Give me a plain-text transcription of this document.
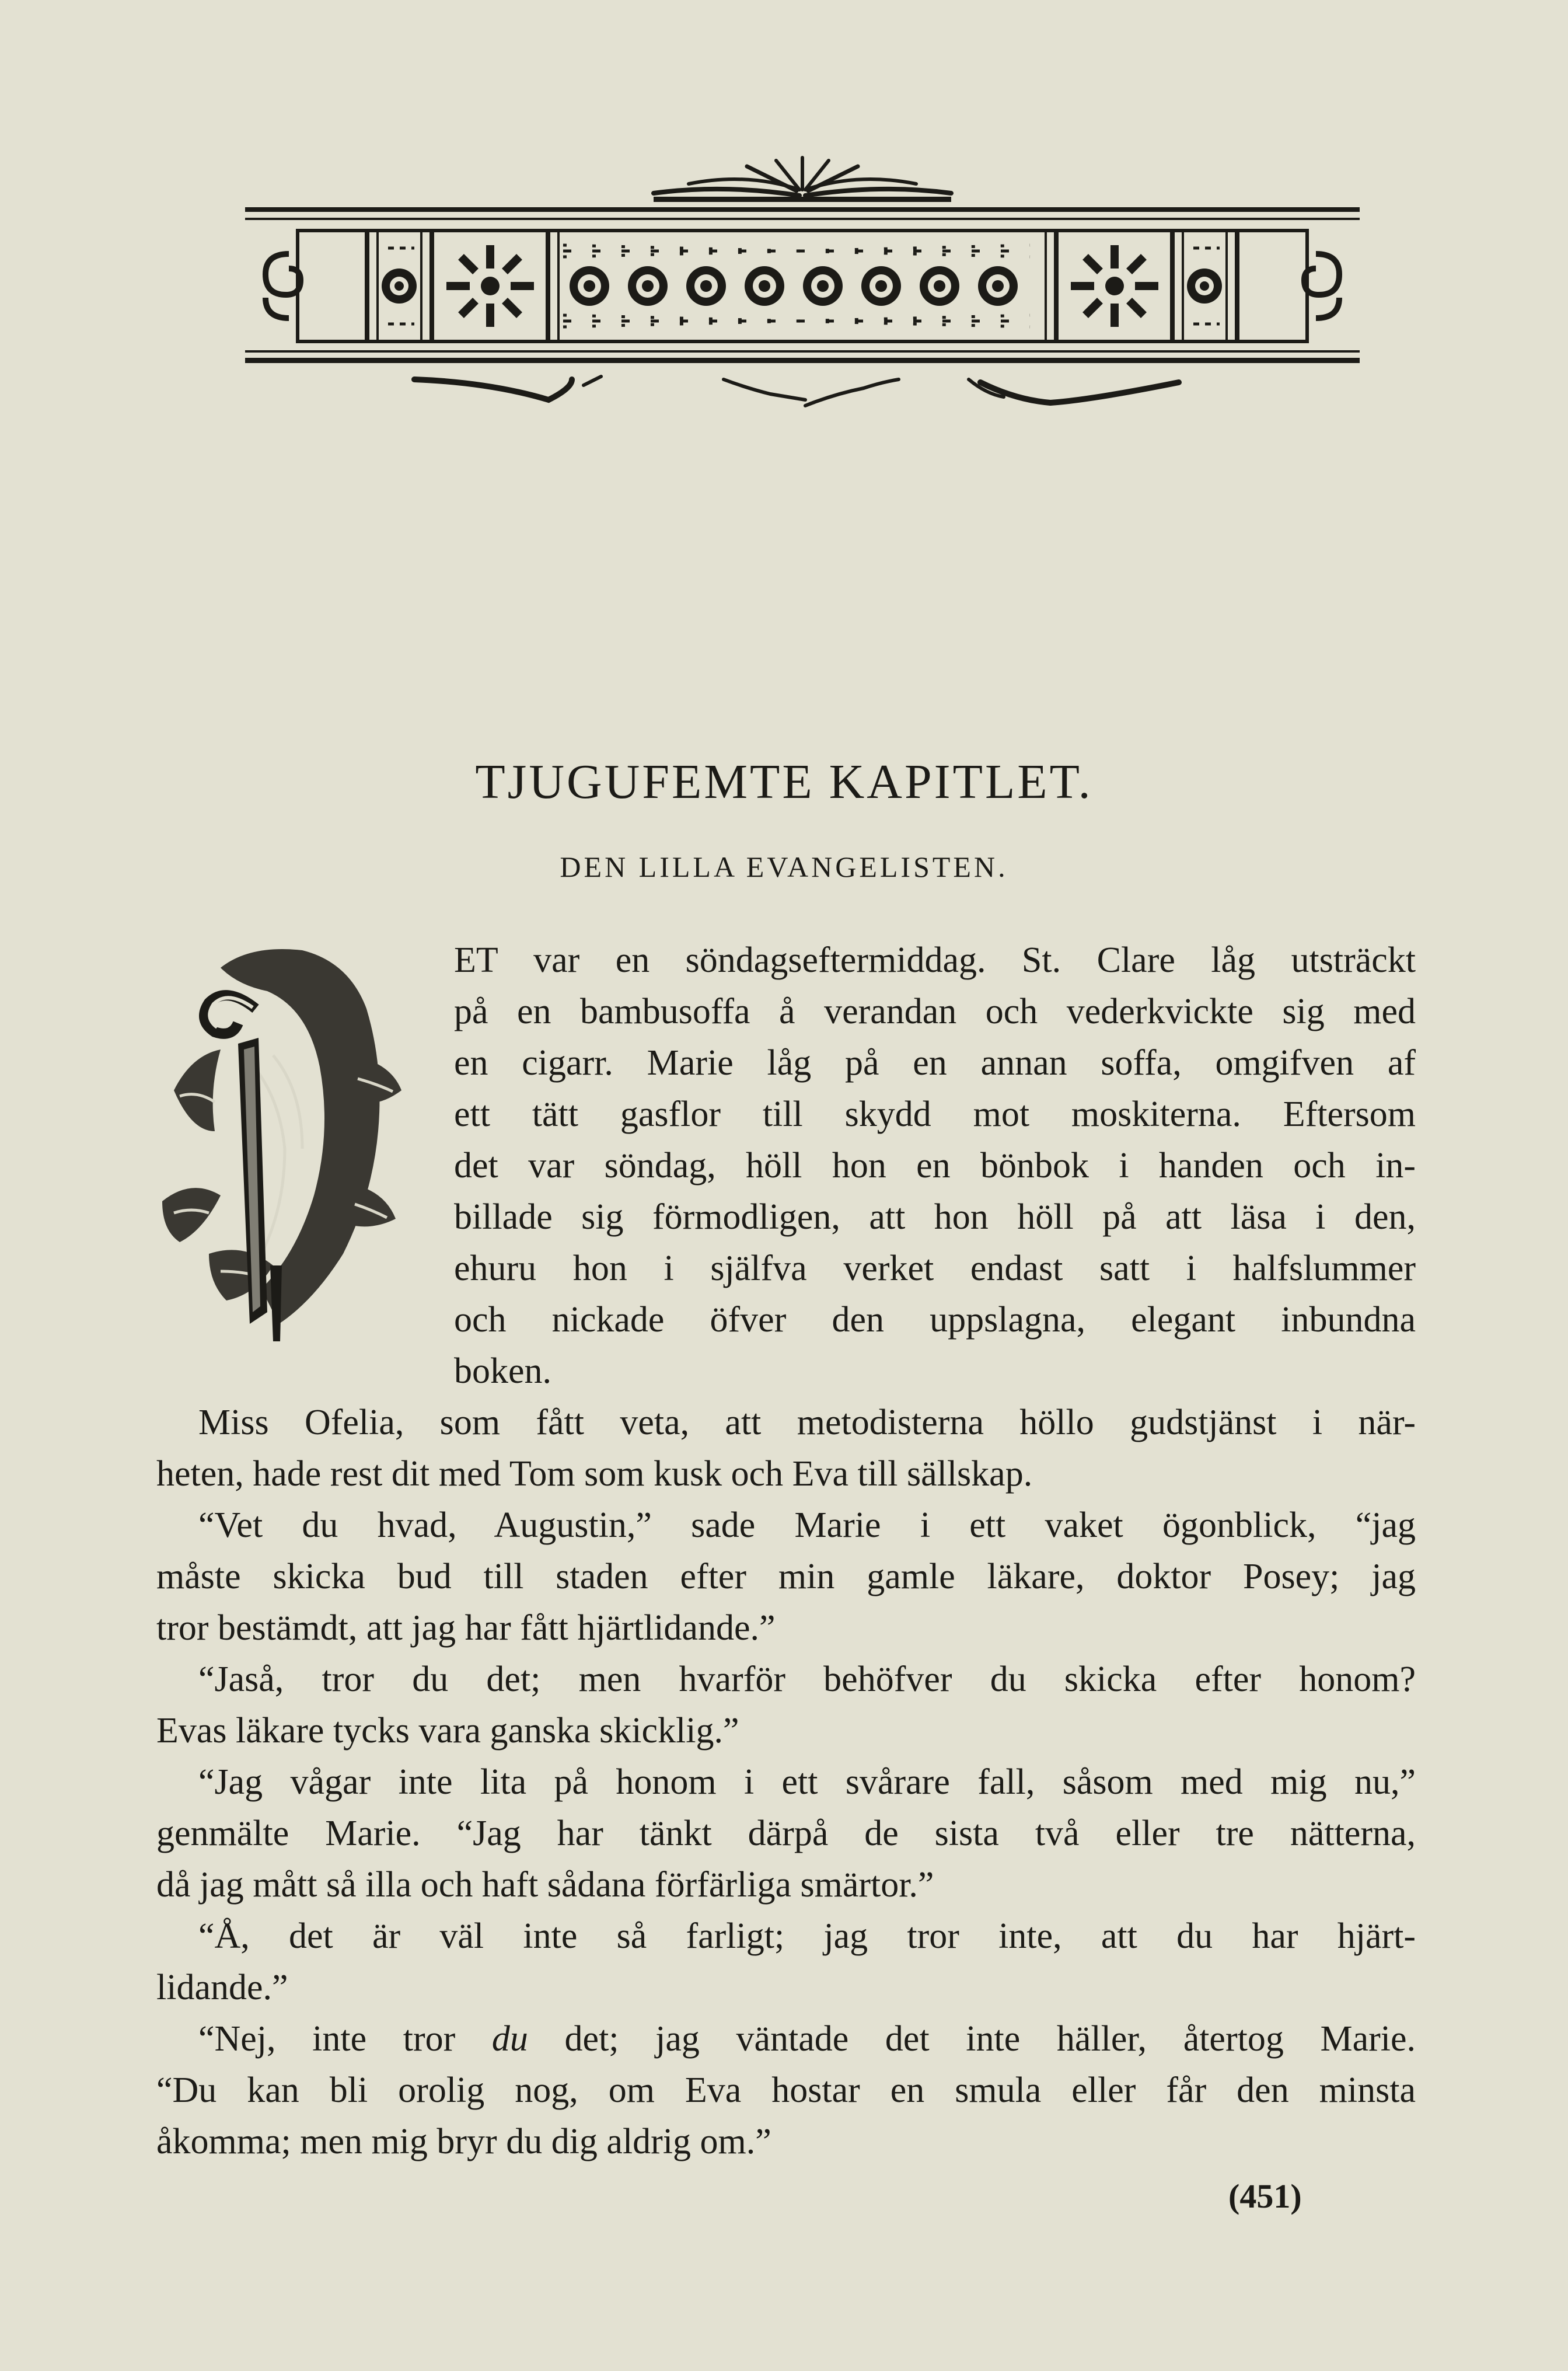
TJUGUFEMTE KAPITLET.
DEN LILLA EVANGELISTEN.
ET var en söndagseftermiddag. St. Clare låg utsträckt
på en bambusoffa å verandan och vederkvickte sig med
en cigarr. Marie låg på en annan soffa, omgifven af
ett tätt gasflor till skydd mot moskiterna. Eftersom
det var söndag, höll hon en bönbok i handen och in-
billade sig förmodligen, att hon höll på att läsa i den,
ehuru hon i själfva verket endast satt i halfslummer
och nickade öfver den uppslagna, elegant inbundna
boken.
Miss Ofelia, som fått veta, att metodisterna höllo gudstjänst i när-
heten, hade rest dit med Tom som kusk och Eva till sällskap.
“Vet du hvad, Augustin,” sade Marie i ett vaket ögonblick, “jag
måste skicka bud till staden efter min gamle läkare, doktor Posey; jag
tror bestämdt, att jag har fått hjärtlidande.”
“Jaså, tror du det; men hvarför behöfver du skicka efter honom?
Evas läkare tycks vara ganska skicklig.”
“Jag vågar inte lita på honom i ett svårare fall, såsom med mig nu,”
genmälte Marie. “Jag har tänkt därpå de sista två eller tre nätterna,
då jag mått så illa och haft sådana förfärliga smärtor.”
“Å, det är väl inte så farligt; jag tror inte, att du har hjärt-
lidande.”
“Nej, inte tror du det; jag väntade det inte häller, återtog Marie.
“Du kan bli orolig nog, om Eva hostar en smula eller får den minsta
åkomma; men mig bryr du dig aldrig om.”
(451)
